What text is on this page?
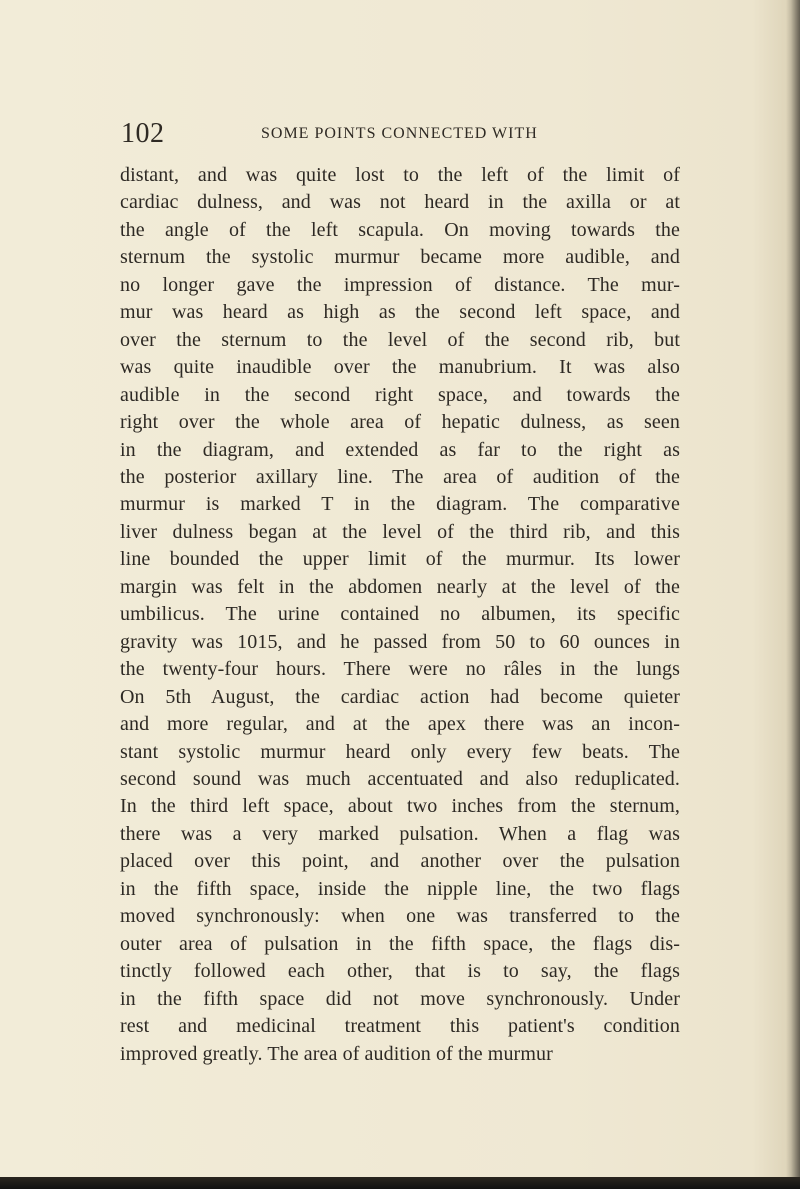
102	SOME POINTS CONNECTED WITH

distant, and was quite lost to the left of the limit of
cardiac dulness, and was not heard in the axilla or at
the angle of the left scapula. On moving towards the
sternum the systolic murmur became more audible, and
no longer gave the impression of distance. The mur-
mur was heard as high as the second left space, and
over the sternum to the level of the second rib, but
was quite inaudible over the manubrium. It was also
audible in the second right space, and towards the
right over the whole area of hepatic dulness, as seen
in the diagram, and extended as far to the right as
the posterior axillary line. The area of audition of the
murmur is marked T in the diagram. The comparative
liver dulness began at the level of the third rib, and this
line bounded the upper limit of the murmur. Its lower
margin was felt in the abdomen nearly at the level of the
umbilicus. The urine contained no albumen, its specific
gravity was 1015, and he passed from 50 to 60 ounces in
the twenty-four hours. There were no râles in the lungs
On 5th August, the cardiac action had become quieter
and more regular, and at the apex there was an incon-
stant systolic murmur heard only every few beats. The
second sound was much accentuated and also reduplicated.
In the third left space, about two inches from the sternum,
there was a very marked pulsation. When a flag was
placed over this point, and another over the pulsation
in the fifth space, inside the nipple line, the two flags
moved synchronously: when one was transferred to the
outer area of pulsation in the fifth space, the flags dis-
tinctly followed each other, that is to say, the flags
in the fifth space did not move synchronously. Under
rest and medicinal treatment this patient's condition
improved greatly. The area of audition of the murmur
